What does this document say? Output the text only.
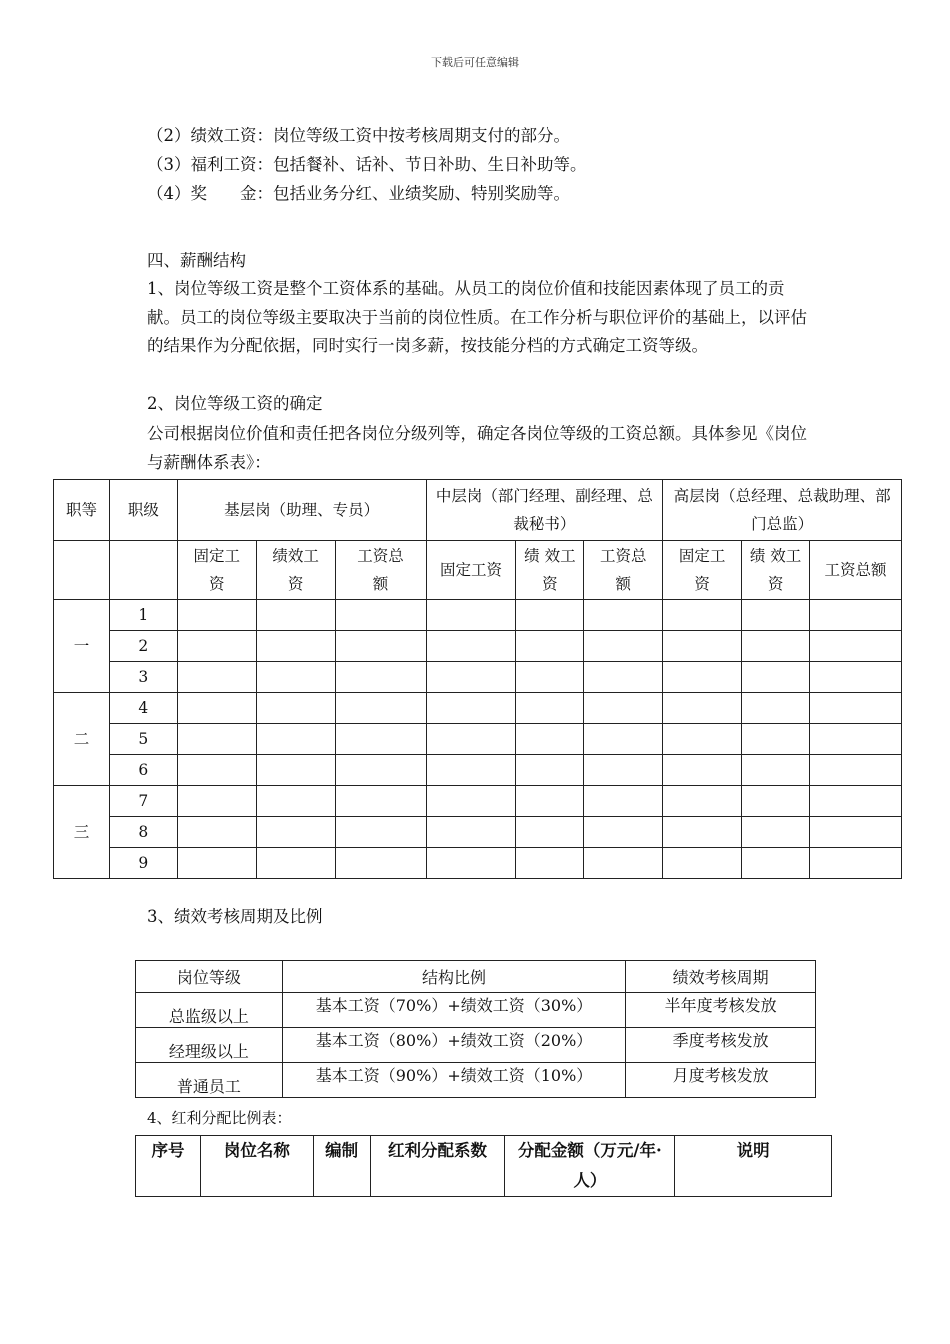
下载后可任意编辑
（2）绩效工资：岗位等级工资中按考核周期支付的部分。
（3）福利工资：包括餐补、话补、节日补助、生日补助等。
（4）奖　　金：包括业务分红、业绩奖励、特别奖励等。
四、薪酬结构
1、岗位等级工资是整个工资体系的基础。从员工的岗位价值和技能因素体现了员工的贡献。员工的岗位等级主要取决于当前的岗位性质。在工作分析与职位评价的基础上，以评估的结果作为分配依据，同时实行一岗多薪，按技能分档的方式确定工资等级。
2、岗位等级工资的确定
公司根据岗位价值和责任把各岗位分级列等，确定各岗位等级的工资总额。具体参见《岗位与薪酬体系表》：
职等	职级	基层岗（助理、专员）			中层岗（部门经理、副经理、总裁秘书）			高层岗（总经理、总裁助理、部门总监）		
		固定工资	绩效工资	工资总额	固定工资	绩 效工资	工资总额	固定工资	绩 效工资	工资总额
一	1									
	2									
	3									
二	4									
	5									
	6									
三	7									
	8									
	9									
3、绩效考核周期及比例
岗位等级	结构比例	绩效考核周期
总监级以上	基本工资（70%）+绩效工资（30%）	半年度考核发放
经理级以上	基本工资（80%）+绩效工资（20%）	季度考核发放
普通员工	基本工资（90%）+绩效工资（10%）	月度考核发放
4、红利分配比例表：
序号	岗位名称	编制	红利分配系数	分配金额（万元/年·人）	说明
